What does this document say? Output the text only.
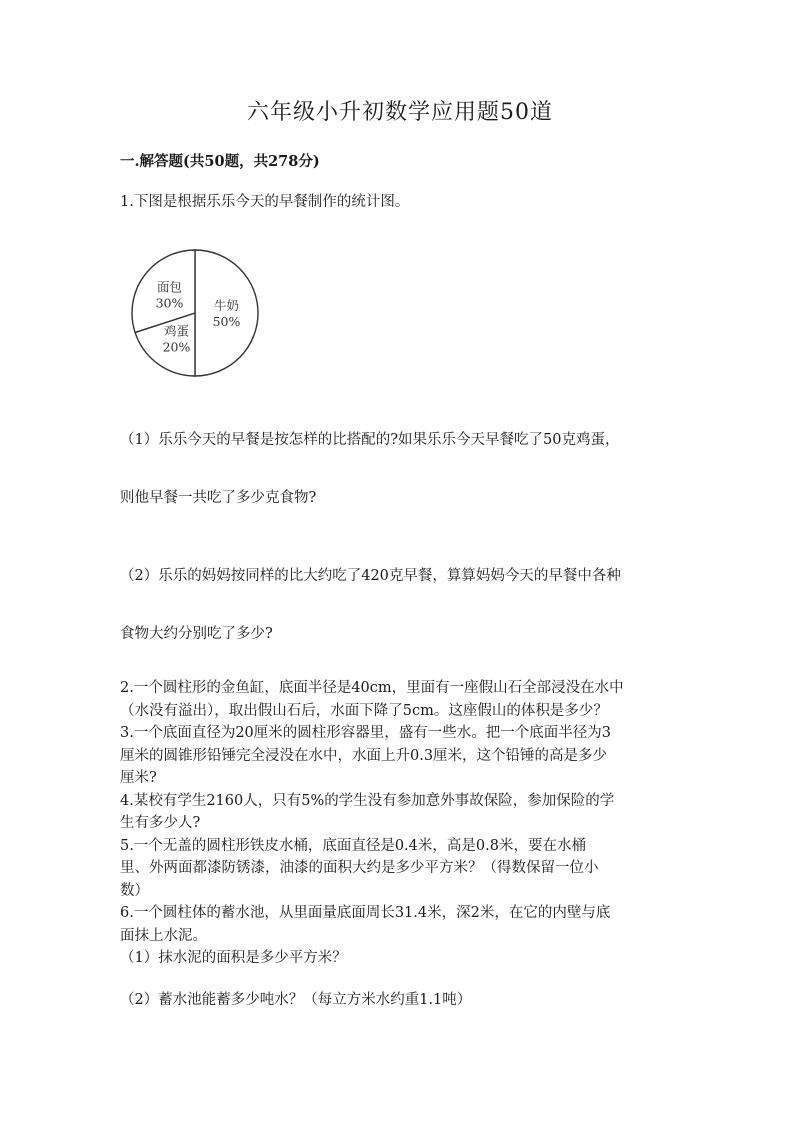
六年级小升初数学应用题50道
一.解答题(共50题，共278分)
1.下图是根据乐乐今天的早餐制作的统计图。
牛奶
50%
鸡蛋
20%
面包
30%
（1）乐乐今天的早餐是按怎样的比搭配的?如果乐乐今天早餐吃了50克鸡蛋，
则他早餐一共吃了多少克食物?
（2）乐乐的妈妈按同样的比大约吃了420克早餐，算算妈妈今天的早餐中各种
食物大约分别吃了多少?
2.一个圆柱形的金鱼缸，底面半径是40cm，里面有一座假山石全部浸没在水中
（水没有溢出），取出假山石后，水面下降了5cm。这座假山的体积是多少？
3.一个底面直径为20厘米的圆柱形容器里，盛有一些水。把一个底面半径为3
厘米的圆锥形铅锤完全浸没在水中，水面上升0.3厘米，这个铅锤的高是多少
厘米?
4.某校有学生2160人，只有5%的学生没有参加意外事故保险，参加保险的学
生有多少人?
5.一个无盖的圆柱形铁皮水桶，底面直径是0.4米，高是0.8米，要在水桶
里、外两面都漆防锈漆，油漆的面积大约是多少平方米？（得数保留一位小
数）
6.一个圆柱体的蓄水池，从里面量底面周长31.4米，深2米，在它的内壁与底
面抹上水泥。
（1）抹水泥的面积是多少平方米？
（2）蓄水池能蓄多少吨水？（每立方米水约重1.1吨）
